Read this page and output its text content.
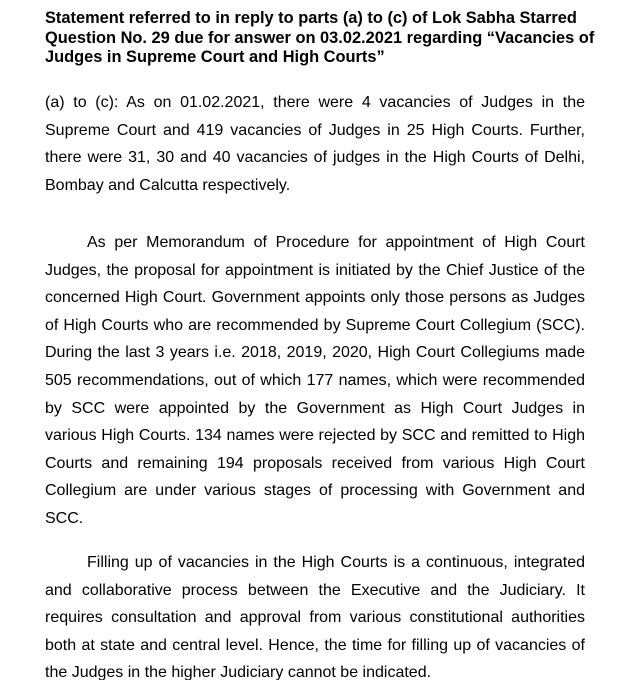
Statement referred to in reply to parts (a) to (c) of Lok Sabha Starred Question No. 29 due for answer on 03.02.2021 regarding “Vacancies of Judges in Supreme Court and High Courts”

(a) to (c): As on 01.02.2021, there were 4 vacancies of Judges in the Supreme Court and 419 vacancies of Judges in 25 High Courts. Further, there were 31, 30 and 40 vacancies of judges in the High Courts of Delhi, Bombay and Calcutta respectively.

As per Memorandum of Procedure for appointment of High Court Judges, the proposal for appointment is initiated by the Chief Justice of the concerned High Court. Government appoints only those persons as Judges of High Courts who are recommended by Supreme Court Collegium (SCC). During the last 3 years i.e. 2018, 2019, 2020, High Court Collegiums made 505 recommendations, out of which 177 names, which were recommended by SCC were appointed by the Government as High Court Judges in various High Courts. 134 names were rejected by SCC and remitted to High Courts and remaining 194 proposals received from various High Court Collegium are under various stages of processing with Government and SCC.

Filling up of vacancies in the High Courts is a continuous, integrated and collaborative process between the Executive and the Judiciary. It requires consultation and approval from various constitutional authorities both at state and central level. Hence, the time for filling up of vacancies of the Judges in the higher Judiciary cannot be indicated.
